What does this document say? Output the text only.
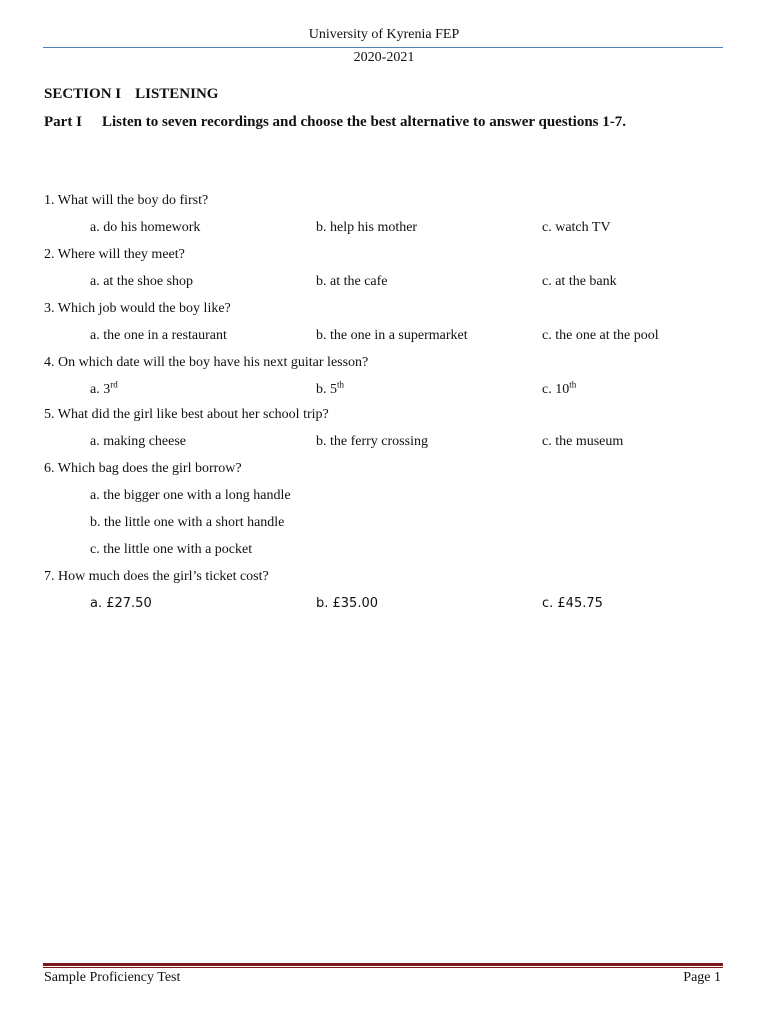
University of Kyrenia FEP
2020-2021
SECTION I LISTENING
Part I Listen to seven recordings and choose the best alternative to answer questions 1-7.
1. What will the boy do first?
a. do his homework	b. help his mother	c. watch TV
2. Where will they meet?
a. at the shoe shop	b. at the cafe	c. at the bank
3. Which job would the boy like?
a. the one in a restaurant	b. the one in a supermarket	c. the one at the pool
4. On which date will the boy have his next guitar lesson?
a. 3rd	b. 5th	c. 10th
5. What did the girl like best about her school trip?
a. making cheese	b. the ferry crossing	c. the museum
6. Which bag does the girl borrow?
a. the bigger one with a long handle
b. the little one with a short handle
c. the little one with a pocket
7. How much does the girl’s ticket cost?
a. £27.50	b. £35.00	c. £45.75
Sample Proficiency Test	Page 1
